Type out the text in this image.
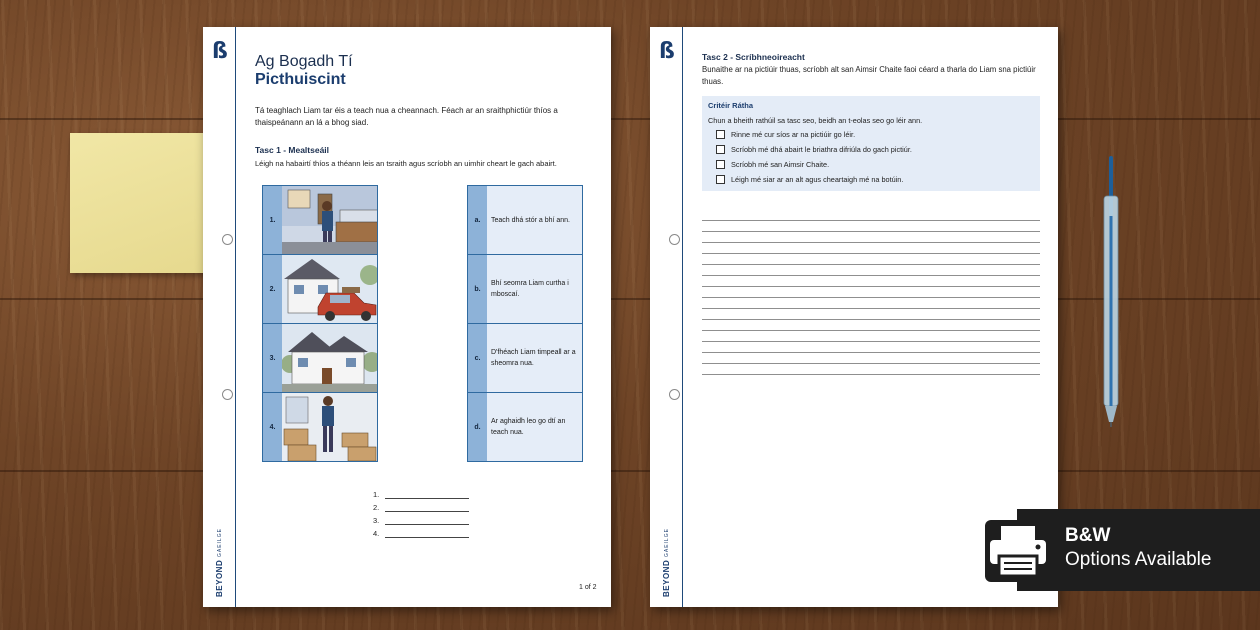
ß
BEYOND GAEILGE
Ag Bogadh Tí
Picthuiscint
Tá teaghlach Liam tar éis a teach nua a cheannach. Féach ar an sraithphictiúr thíos a thaispeánann an lá a bhog siad.
Tasc 1 - Mealtseáil
Léigh na habairtí thíos a théann leis an tsraith agus scríobh an uimhir cheart le gach abairt.
1.
2.
3.
4.
a.	Teach dhá stór a bhí ann.
b.
Bhí seomra Liam curtha i mboscaí.
c.
D'fhéach Liam timpeall ar a sheomra nua.
d.
Ar aghaidh leo go dtí an teach nua.
1.
2.
3.
4.
1 of 2
ß
BEYOND GAEILGE
Tasc 2 - Scríbhneoireacht
Bunaithe ar na pictiúir thuas, scríobh alt san Aimsir Chaite faoi céard a tharla do Liam sna pictiúir thuas.
Critéir Rátha
Chun a bheith rathúil sa tasc seo, beidh an t-eolas seo go léir ann.
Rinne mé cur síos ar na pictiúir go léir.
Scríobh mé dhá abairt le briathra difriúla do gach pictiúr.
Scríobh mé san Aimsir Chaite.
Léigh mé siar ar an alt agus cheartaigh mé na botúin.
B&W
Options Available
